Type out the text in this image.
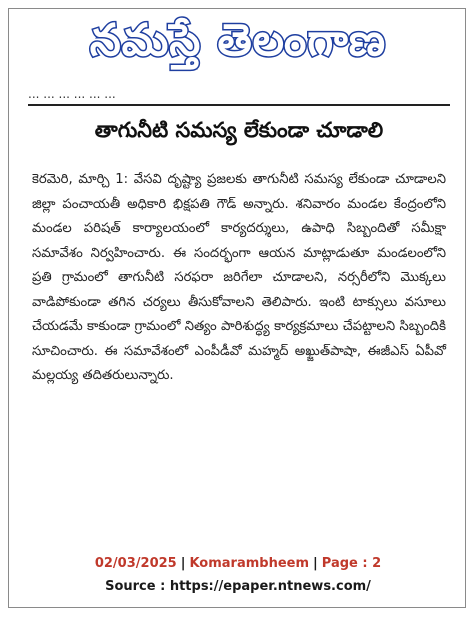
నమస్తే తెలంగాణ
... ... ... ... ... ...
తాగునీటి సమస్య లేకుండా చూడాలి

కెరమెరి, మార్చి 1: వేసవి దృష్ట్యా ప్రజలకు తాగునీటి సమస్య లేకుండా చూడాలని జిల్లా పంచాయతీ అధికారి భిక్షపతి గౌడ్ అన్నారు. శనివారం మండల కేంద్రంలోని మండల పరిషత్ కార్యాలయంలో కార్యదర్శులు, ఉపాధి సిబ్బందితో సమీక్షా సమావేశం నిర్వహించారు. ఈ సందర్భంగా ఆయన మాట్లాడుతూ మండలంలోని ప్రతి గ్రామంలో తాగునీటి సరఫరా జరిగేలా చూడాలని, నర్సరీలోని మొక్కలు వాడిపోకుండా తగిన చర్యలు తీసుకోవాలని తెలిపారు. ఇంటి టాక్సులు వసూలు చేయడమే కాకుండా గ్రామంలో నిత్యం పారిశుద్ధ్య కార్యక్రమాలు చేపట్టాలని సిబ్బందికి సూచించారు. ఈ సమావేశంలో ఎంపీడీవో మహ్మద్ అఖ్జుత్‌పాషా, ఈజీఎస్ ఏపీవో మల్లయ్య తదితరులున్నారు.

02/03/2025 | Komarambheem | Page : 2
Source : https://epaper.ntnews.com/
